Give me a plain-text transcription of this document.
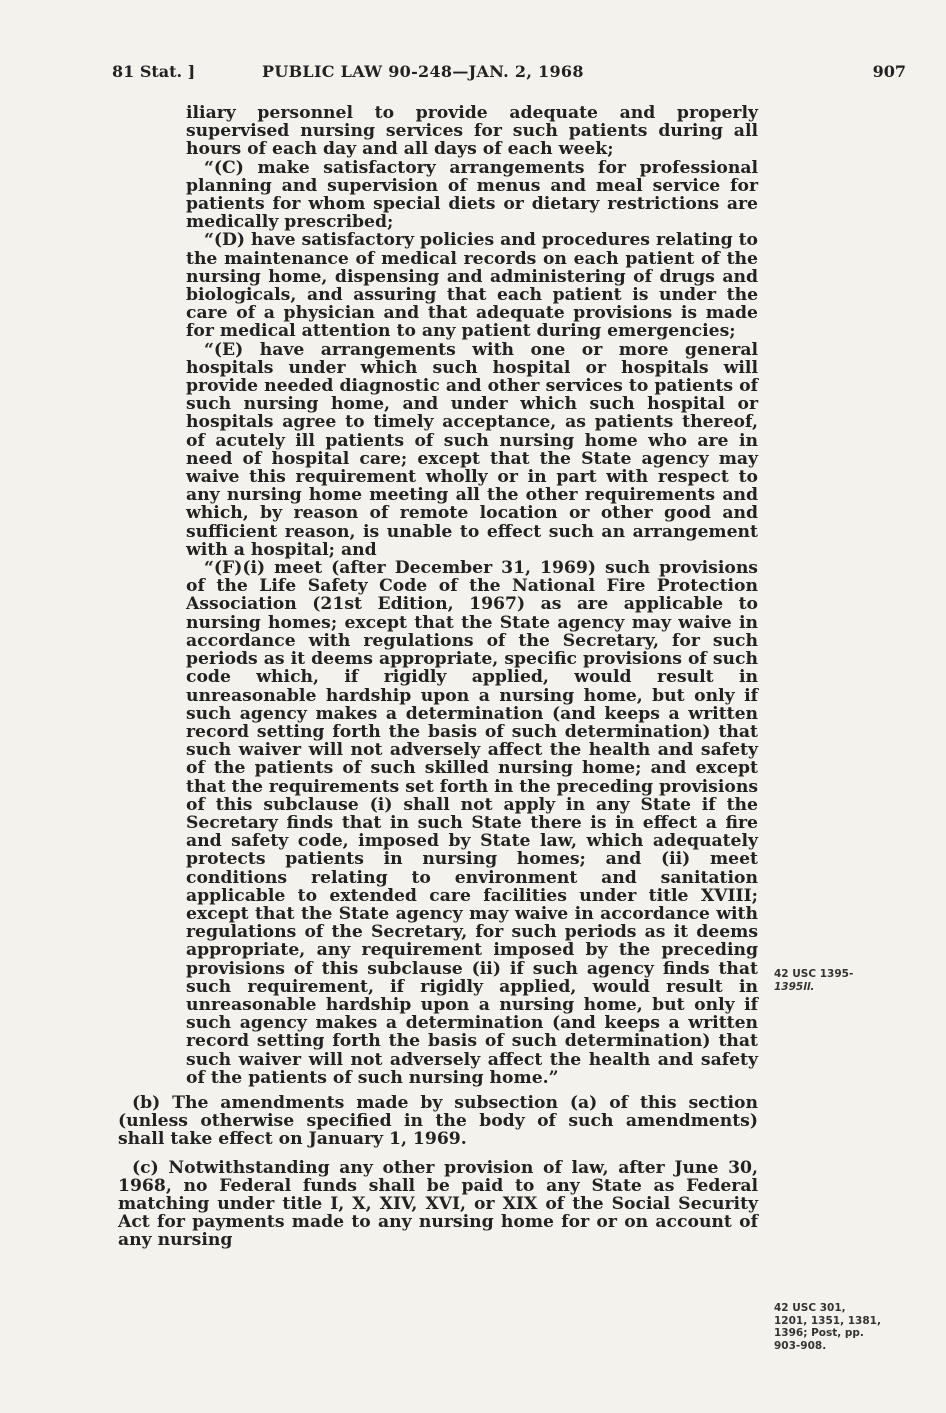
81 Stat. ]	PUBLIC LAW 90-248—JAN. 2, 1968	907

iliary personnel to provide adequate and properly supervised nursing services for such patients during all hours of each day and all days of each week;

“(C) make satisfactory arrangements for professional planning and supervision of menus and meal service for patients for whom special diets or dietary restrictions are medically prescribed;

“(D) have satisfactory policies and procedures relating to the maintenance of medical records on each patient of the nursing home, dispensing and administering of drugs and biologicals, and assuring that each patient is under the care of a physician and that adequate provisions is made for medical attention to any patient during emergencies;

“(E) have arrangements with one or more general hospitals under which such hospital or hospitals will provide needed diagnostic and other services to patients of such nursing home, and under which such hospital or hospitals agree to timely acceptance, as patients thereof, of acutely ill patients of such nursing home who are in need of hospital care; except that the State agency may waive this requirement wholly or in part with respect to any nursing home meeting all the other requirements and which, by reason of remote location or other good and sufficient reason, is unable to effect such an arrangement with a hospital; and

“(F)(i) meet (after December 31, 1969) such provisions of the Life Safety Code of the National Fire Protection Association (21st Edition, 1967) as are applicable to nursing homes; except that the State agency may waive in accordance with regulations of the Secretary, for such periods as it deems appropriate, specific provisions of such code which, if rigidly applied, would result in unreasonable hardship upon a nursing home, but only if such agency makes a determination (and keeps a written record setting forth the basis of such determination) that such waiver will not adversely affect the health and safety of the patients of such skilled nursing home; and except that the requirements set forth in the preceding provisions of this subclause (i) shall not apply in any State if the Secretary finds that in such State there is in effect a fire and safety code, imposed by State law, which adequately protects patients in nursing homes; and (ii) meet conditions relating to environment and sanitation applicable to extended care facilities under title XVIII; except that the State agency may waive in accordance with regulations of the Secretary, for such periods as it deems appropriate, any requirement imposed by the preceding provisions of this subclause (ii) if such agency finds that such requirement, if rigidly applied, would result in unreasonable hardship upon a nursing home, but only if such agency makes a determination (and keeps a written record setting forth the basis of such determination) that such waiver will not adversely affect the health and safety of the patients of such nursing home.”

(b) The amendments made by subsection (a) of this section (unless otherwise specified in the body of such amendments) shall take effect on January 1, 1969.

(c) Notwithstanding any other provision of law, after June 30, 1968, no Federal funds shall be paid to any State as Federal matching under title I, X, XIV, XVI, or XIX of the Social Security Act for payments made to any nursing home for or on account of any nursing

42 USC 1395-
1395ll.
42 USC 301,
1201, 1351, 1381,
1396; Post, pp.
903-908.
